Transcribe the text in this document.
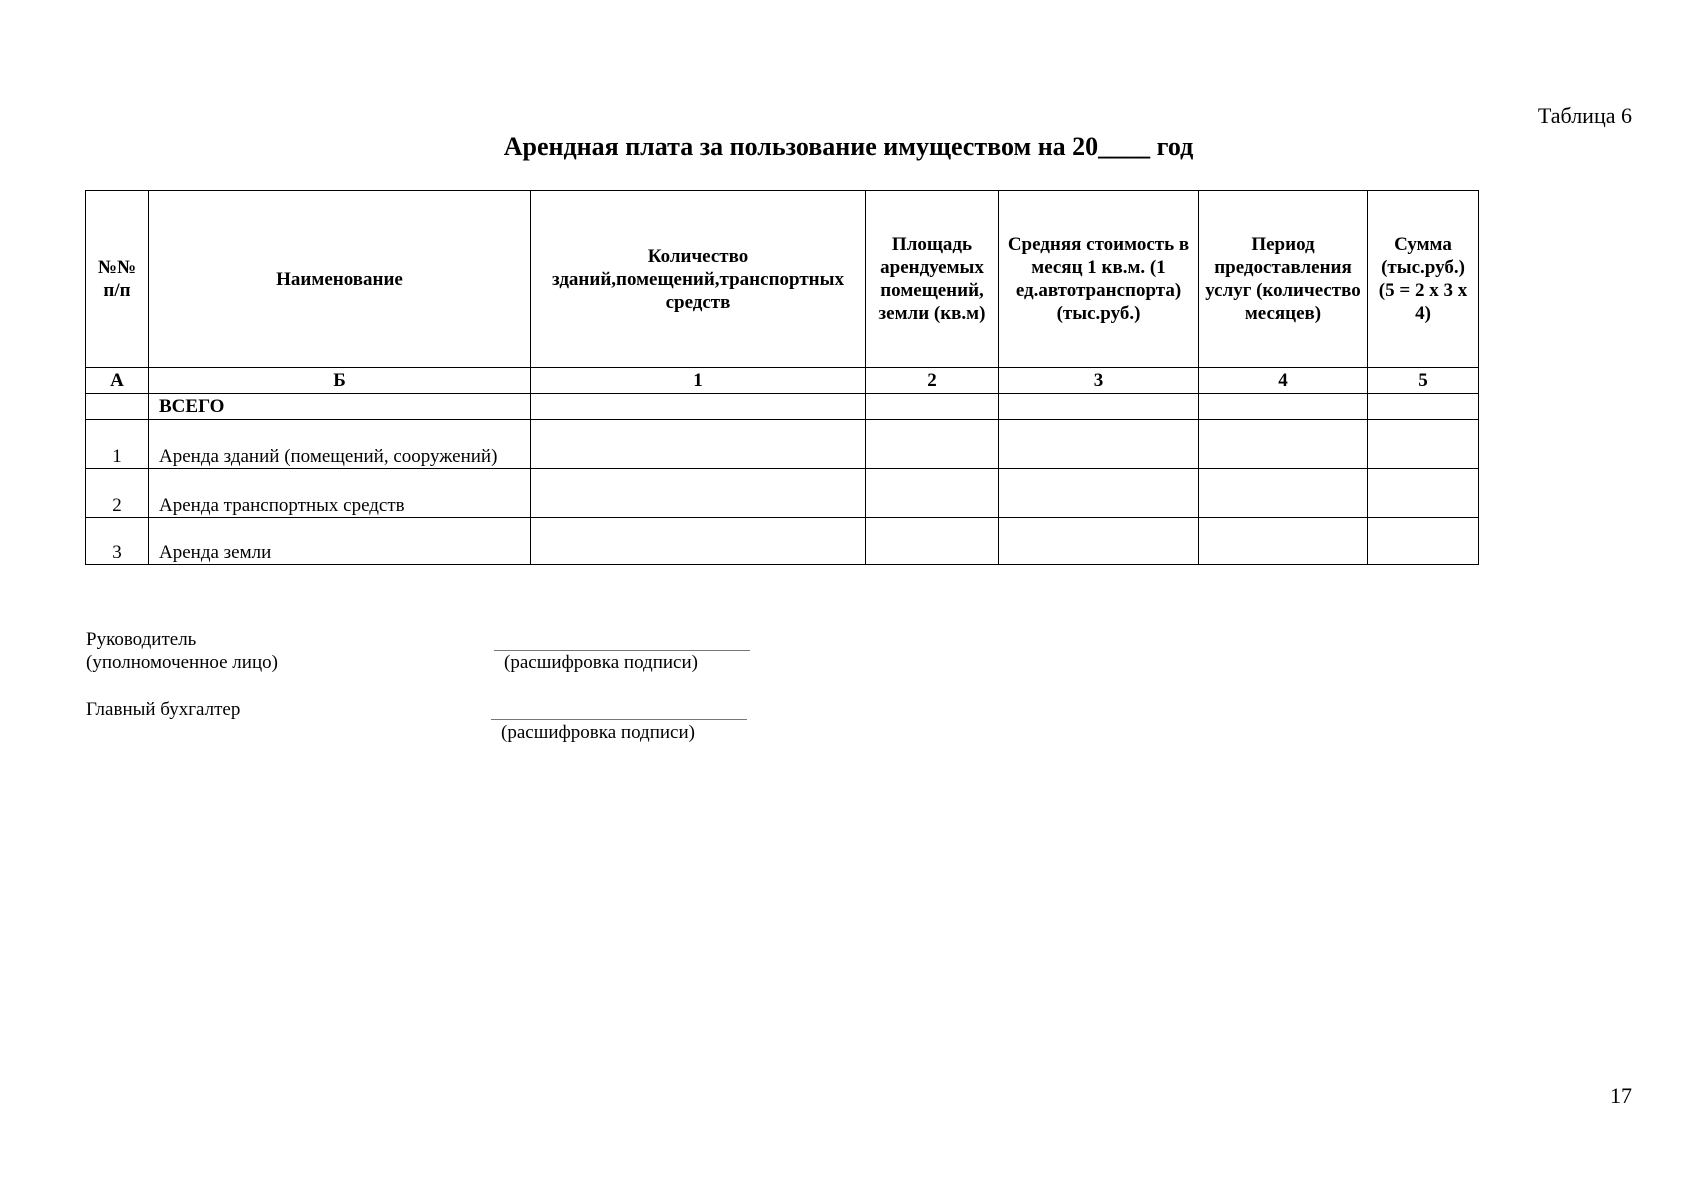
Таблица 6
Арендная плата за пользование имуществом на 20____ год
№№ п/п	Наименование	Количество зданий,помещений,транспортных средств	Площадь арендуемых помещений, земли (кв.м)	Средняя стоимость в месяц 1 кв.м. (1 ед.автотранспорта) (тыс.руб.)	Период предоставления услуг (количество месяцев)	Сумма (тыс.руб.) (5 = 2 х 3 х 4)
А	Б	1	2	3	4	5
	ВСЕГО					
1	Аренда зданий (помещений, сооружений)					
2	Аренда транспортных средств					
3	Аренда земли					
Руководитель
(уполномоченное лицо)	(расшифровка подписи)
Главный бухгалтер
(расшифровка подписи)
17
